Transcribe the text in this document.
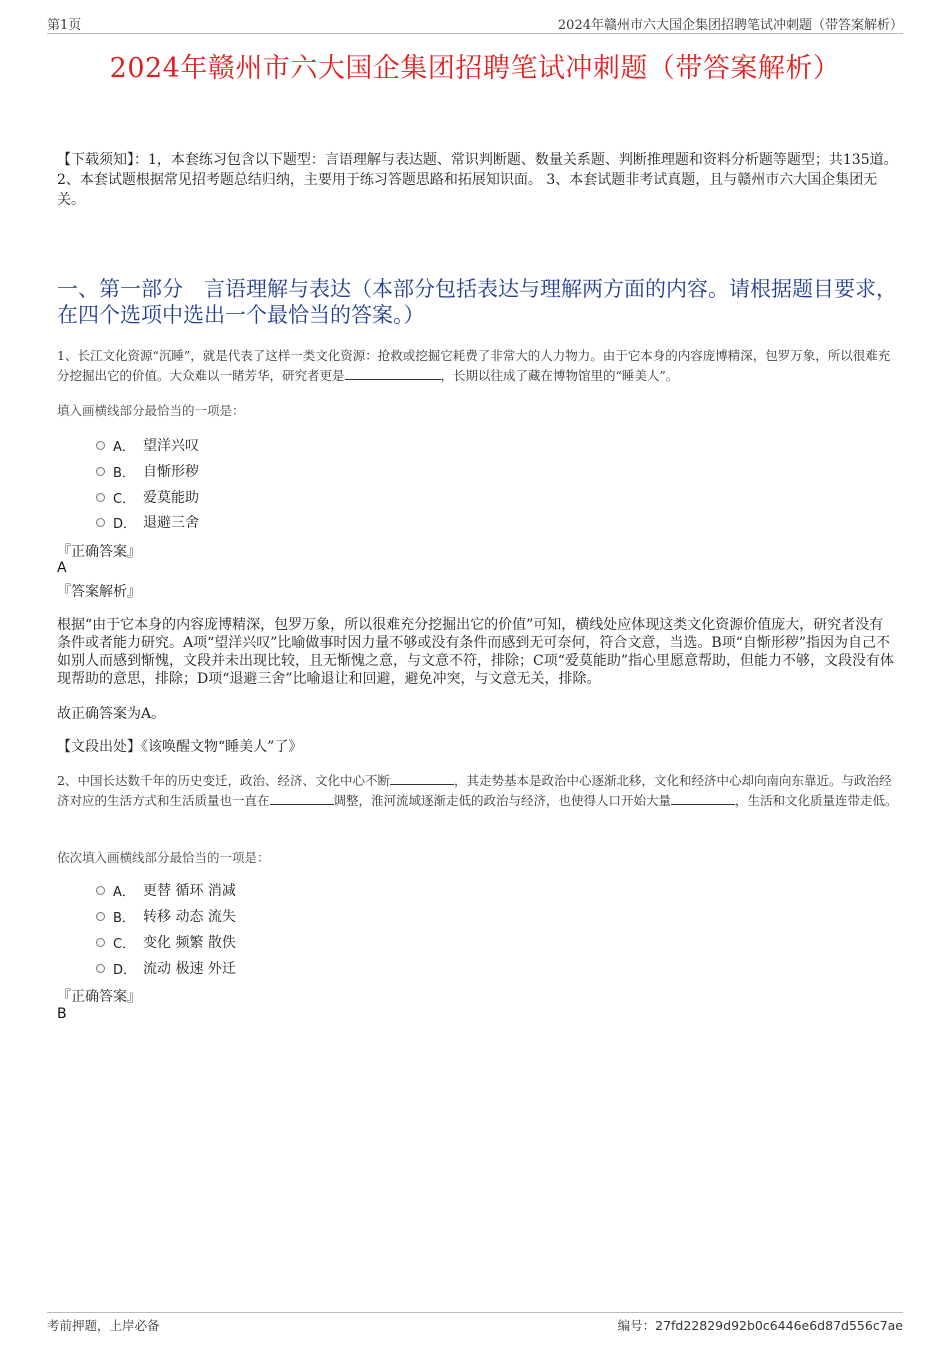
第1页	2024年赣州市六大国企集团招聘笔试冲刺题（带答案解析）
2024年赣州市六大国企集团招聘笔试冲刺题（带答案解析）
【下载须知】：1，本套练习包含以下题型：言语理解与表达题、常识判断题、数量关系题、判断推理题和资料分析题等题型；共135道。 2、本套试题根据常见招考题总结归纳，主要用于练习答题思路和拓展知识面。 3、本套试题非考试真题，且与赣州市六大国企集团无关。
一、第一部分　言语理解与表达（本部分包括表达与理解两方面的内容。请根据题目要求，在四个选项中选出一个最恰当的答案。）
1、长江文化资源“沉睡”，就是代表了这样一类文化资源：抢救或挖掘它耗费了非常大的人力物力。由于它本身的内容庞博精深，包罗万象，所以很难充分挖掘出它的价值。大众难以一睹芳华，研究者更是	，长期以往成了藏在博物馆里的“睡美人”。
填入画横线部分最恰当的一项是：
A． 望洋兴叹
B． 自惭形秽
C． 爱莫能助
D． 退避三舍
『正确答案』
A
『答案解析』
根据“由于它本身的内容庞博精深，包罗万象，所以很难充分挖掘出它的价值”可知，横线处应体现这类文化资源价值庞大，研究者没有条件或者能力研究。A项“望洋兴叹”比喻做事时因力量不够或没有条件而感到无可奈何，符合文意，当选。B项“自惭形秽”指因为自己不如别人而感到惭愧，文段并未出现比较，且无惭愧之意，与文意不符，排除；C项“爱莫能助”指心里愿意帮助，但能力不够，文段没有体现帮助的意思，排除；D项“退避三舍”比喻退让和回避，避免冲突，与文意无关，排除。
故正确答案为A。
【文段出处】《该唤醒文物“睡美人”了》
2、中国长达数千年的历史变迁，政治、经济、文化中心不断	，其走势基本是政治中心逐渐北移，文化和经济中心却向南向东靠近。与政治经济对应的生活方式和生活质量也一直在	调整，淮河流域逐渐走低的政治与经济，也使得人口开始大量	，生活和文化质量连带走低。
依次填入画横线部分最恰当的一项是：
A． 更替 循环 消减
B． 转移 动态 流失
C． 变化 频繁 散佚
D． 流动 极速 外迁
『正确答案』
B
考前押题，上岸必备	编号：27fd22829d92b0c6446e6d87d556c7ae
